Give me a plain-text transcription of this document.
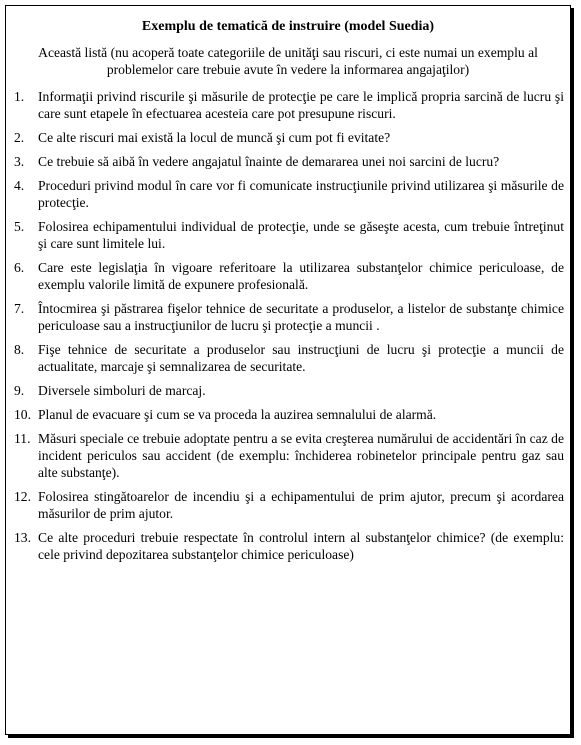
Exemplu de tematică de instruire (model Suedia)
Această listă (nu acoperă toate categoriile de unităţi sau riscuri, ci este numai un exemplu al problemelor care trebuie avute în vedere la informarea angajaţilor)
1.	Informaţii privind riscurile şi măsurile de protecţie pe care le implică propria sarcină de lucru şi care sunt etapele în efectuarea acesteia care pot presupune riscuri.
2.	Ce alte riscuri mai există la locul de muncă şi cum pot fi evitate?
3.	Ce trebuie să aibă în vedere angajatul înainte de demararea unei noi sarcini de lucru?
4.	Proceduri privind modul în care vor fi comunicate instrucţiunile privind utilizarea şi măsurile de protecţie.
5.	Folosirea echipamentului individual de protecţie, unde se găseşte acesta, cum trebuie întreţinut şi care sunt limitele lui.
6.	Care este legislaţia în vigoare referitoare la utilizarea substanţelor chimice periculoase, de exemplu valorile limită de expunere profesională.
7.	Întocmirea şi păstrarea fişelor tehnice de securitate a produselor, a listelor de substanţe chimice periculoase sau a instrucţiunilor de lucru şi protecţie a muncii .
8.	Fişe tehnice de securitate a produselor sau instrucţiuni de lucru şi protecţie a muncii de actualitate, marcaje şi semnalizarea de securitate.
9.	Diversele simboluri de marcaj.
10. Planul de evacuare şi cum se va proceda la auzirea semnalului de alarmă.
11. Măsuri speciale ce trebuie adoptate pentru a se evita creşterea numărului de accidentări în caz de incident periculos sau accident (de exemplu: închiderea robinetelor principale pentru gaz sau alte substanţe).
12. Folosirea stingătoarelor de incendiu şi a echipamentului de prim ajutor, precum şi acordarea măsurilor de prim ajutor.
13. Ce alte proceduri trebuie respectate în controlul intern al substanţelor chimice? (de exemplu: cele privind depozitarea substanţelor chimice periculoase)
